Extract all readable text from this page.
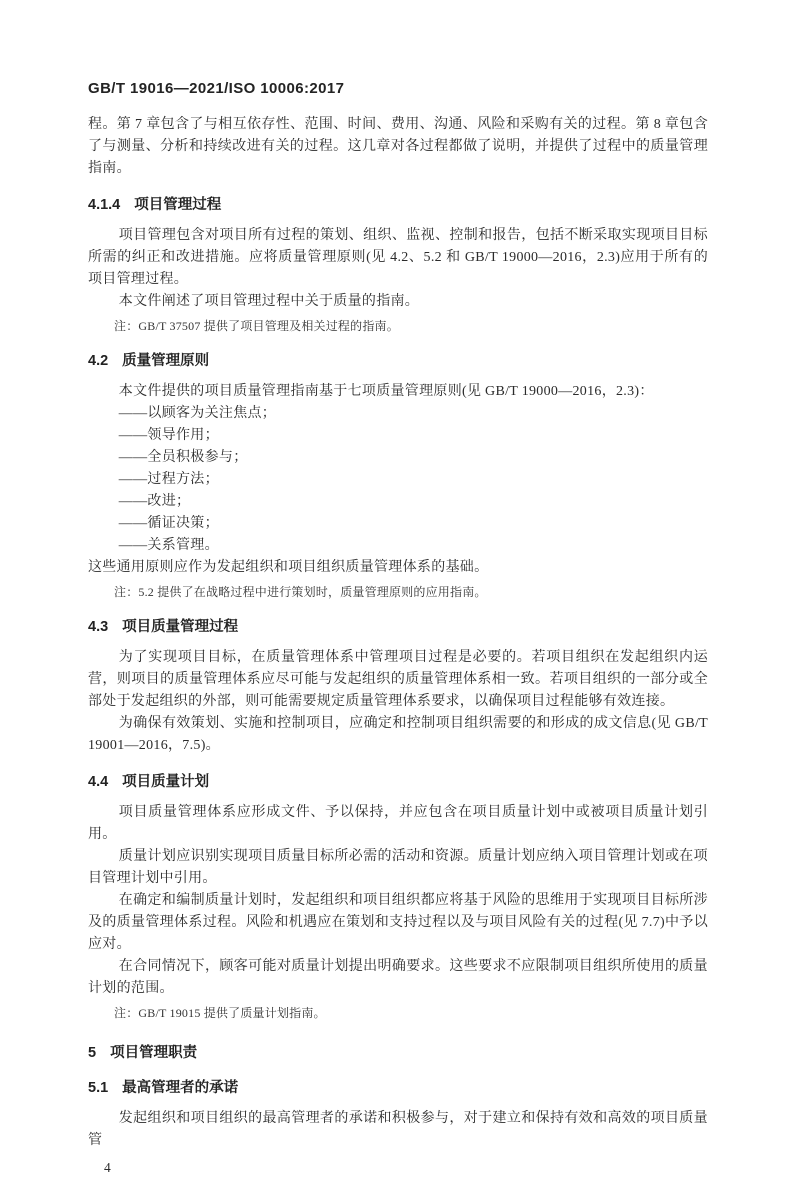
GB/T 19016—2021/ISO 10006:2017

程。第 7 章包含了与相互依存性、范围、时间、费用、沟通、风险和采购有关的过程。第 8 章包含了与测量、分析和持续改进有关的过程。这几章对各过程都做了说明，并提供了过程中的质量管理指南。

4.1.4 项目管理过程

项目管理包含对项目所有过程的策划、组织、监视、控制和报告，包括不断采取实现项目目标所需的纠正和改进措施。应将质量管理原则(见 4.2、5.2 和 GB/T 19000—2016，2.3)应用于所有的项目管理过程。

本文件阐述了项目管理过程中关于质量的指南。

注：GB/T 37507 提供了项目管理及相关过程的指南。

4.2 质量管理原则

本文件提供的项目质量管理指南基于七项质量管理原则(见 GB/T 19000—2016，2.3)：

——以顾客为关注焦点；
——领导作用；
——全员积极参与；
——过程方法；
——改进；
——循证决策；
——关系管理。

这些通用原则应作为发起组织和项目组织质量管理体系的基础。

注：5.2 提供了在战略过程中进行策划时，质量管理原则的应用指南。

4.3 项目质量管理过程

为了实现项目目标，在质量管理体系中管理项目过程是必要的。若项目组织在发起组织内运营，则项目的质量管理体系应尽可能与发起组织的质量管理体系相一致。若项目组织的一部分或全部处于发起组织的外部，则可能需要规定质量管理体系要求，以确保项目过程能够有效连接。

为确保有效策划、实施和控制项目，应确定和控制项目组织需要的和形成的成文信息(见 GB/T 19001—2016，7.5)。

4.4 项目质量计划

项目质量管理体系应形成文件、予以保持，并应包含在项目质量计划中或被项目质量计划引用。

质量计划应识别实现项目质量目标所必需的活动和资源。质量计划应纳入项目管理计划或在项目管理计划中引用。

在确定和编制质量计划时，发起组织和项目组织都应将基于风险的思维用于实现项目目标所涉及的质量管理体系过程。风险和机遇应在策划和支持过程以及与项目风险有关的过程(见 7.7)中予以应对。

在合同情况下，顾客可能对质量计划提出明确要求。这些要求不应限制项目组织所使用的质量计划的范围。

注：GB/T 19015 提供了质量计划指南。

5 项目管理职责
5.1 最高管理者的承诺

发起组织和项目组织的最高管理者的承诺和积极参与，对于建立和保持有效和高效的项目质量管

4
